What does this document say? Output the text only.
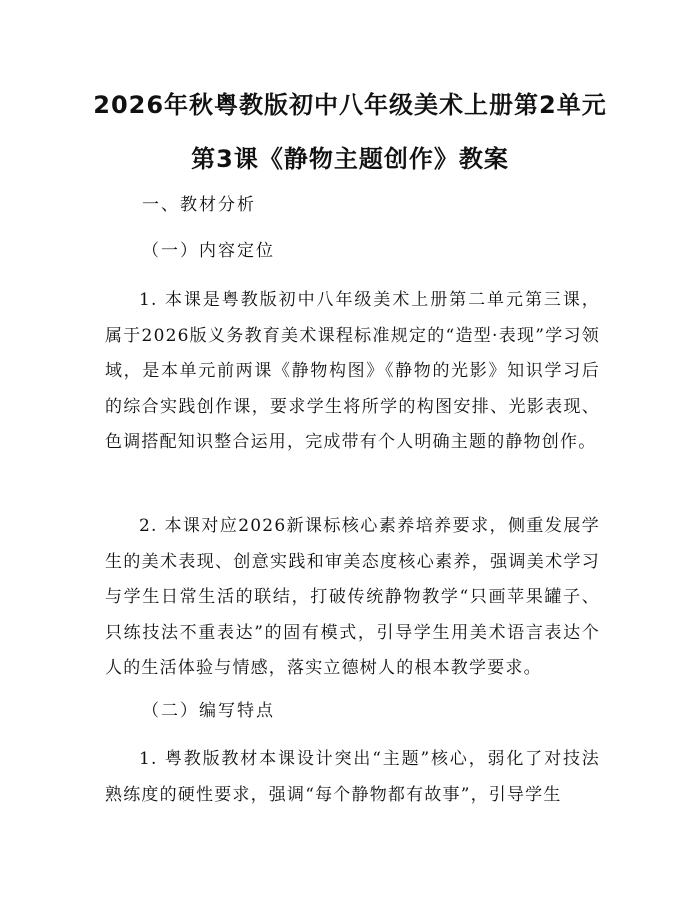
2026年秋粤教版初中八年级美术上册第2单元第3课《静物主题创作》教案
一、教材分析
（一）内容定位

1. 本课是粤教版初中八年级美术上册第二单元第三课，属于2026版义务教育美术课程标准规定的“造型·表现”学习领域，是本单元前两课《静物构图》《静物的光影》知识学习后的综合实践创作课，要求学生将所学的构图安排、光影表现、色调搭配知识整合运用，完成带有个人明确主题的静物创作。

2. 本课对应2026新课标核心素养培养要求，侧重发展学生的美术表现、创意实践和审美态度核心素养，强调美术学习与学生日常生活的联结，打破传统静物教学“只画苹果罐子、只练技法不重表达”的固有模式，引导学生用美术语言表达个人的生活体验与情感，落实立德树人的根本教学要求。

（二）编写特点

1. 粤教版教材本课设计突出“主题”核心，弱化了对技法熟练度的硬性要求，强调“每个静物都有故事”，引导学生
